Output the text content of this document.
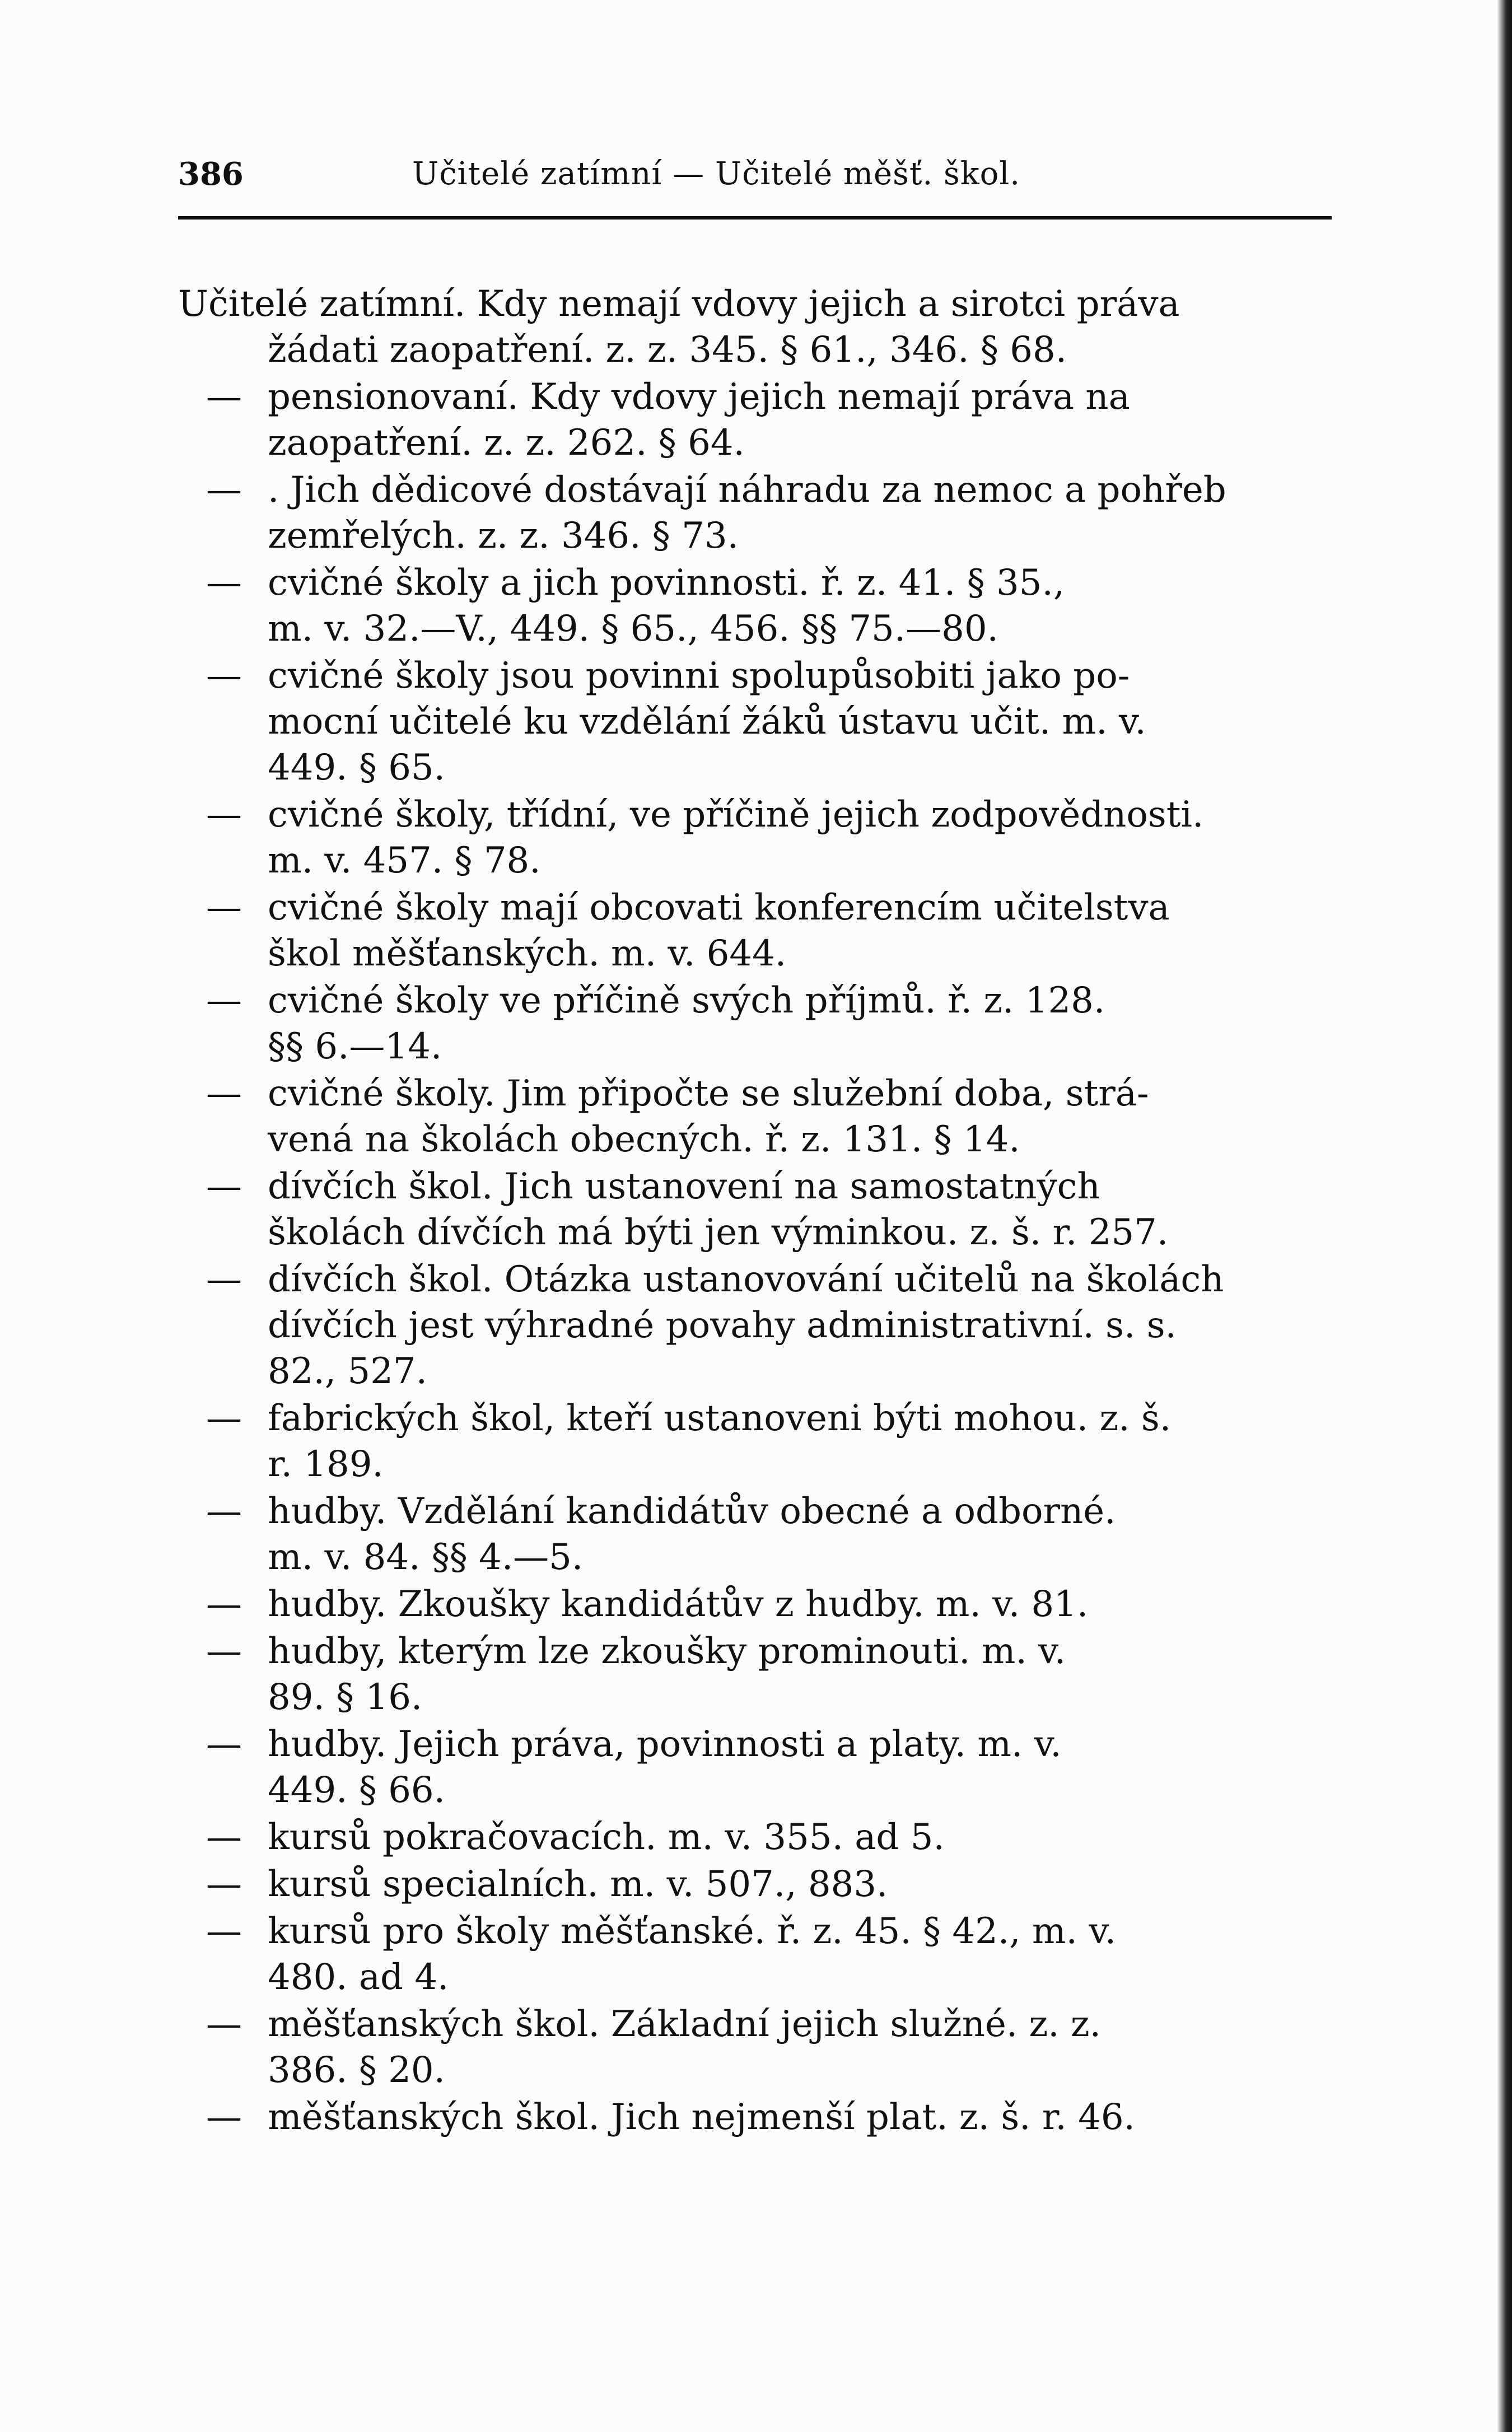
386	Učitelé zatímní — Učitelé měšť. škol.
Učitelé zatímní. Kdy nemají vdovy jejich a sirotci práva
žádati zaopatření. z. z. 345. § 61., 346. § 68.
— pensionovaní. Kdy vdovy jejich nemají práva na
zaopatření. z. z. 262. § 64.
— . Jich dědicové dostávají náhradu za nemoc a pohřeb
zemřelých. z. z. 346. § 73.
— cvičné školy a jich povinnosti. ř. z. 41. § 35.,
m. v. 32.—V., 449. § 65., 456. §§ 75.—80.
— cvičné školy jsou povinni spolupůsobiti jako po-
mocní učitelé ku vzdělání žáků ústavu učit. m. v.
449. § 65.
— cvičné školy, třídní, ve příčině jejich zodpovědnosti.
m. v. 457. § 78.
— cvičné školy mají obcovati konferencím učitelstva
škol měšťanských. m. v. 644.
— cvičné školy ve příčině svých příjmů. ř. z. 128.
§§ 6.—14.
— cvičné školy. Jim připočte se služební doba, strá-
vená na školách obecných. ř. z. 131. § 14.
— dívčích škol. Jich ustanovení na samostatných
školách dívčích má býti jen výminkou. z. š. r. 257.
— dívčích škol. Otázka ustanovování učitelů na školách
dívčích jest výhradné povahy administrativní. s. s.
82., 527.
— fabrických škol, kteří ustanoveni býti mohou. z. š.
r. 189.
— hudby. Vzdělání kandidátův obecné a odborné.
m. v. 84. §§ 4.—5.
— hudby. Zkoušky kandidátův z hudby. m. v. 81.
— hudby, kterým lze zkoušky prominouti. m. v.
89. § 16.
— hudby. Jejich práva, povinnosti a platy. m. v.
449. § 66.
— kursů pokračovacích. m. v. 355. ad 5.
— kursů specialních. m. v. 507., 883.
— kursů pro školy měšťanské. ř. z. 45. § 42., m. v.
480. ad 4.
— měšťanských škol. Základní jejich služné. z. z.
386. § 20.
— měšťanských škol. Jich nejmenší plat. z. š. r. 46.
